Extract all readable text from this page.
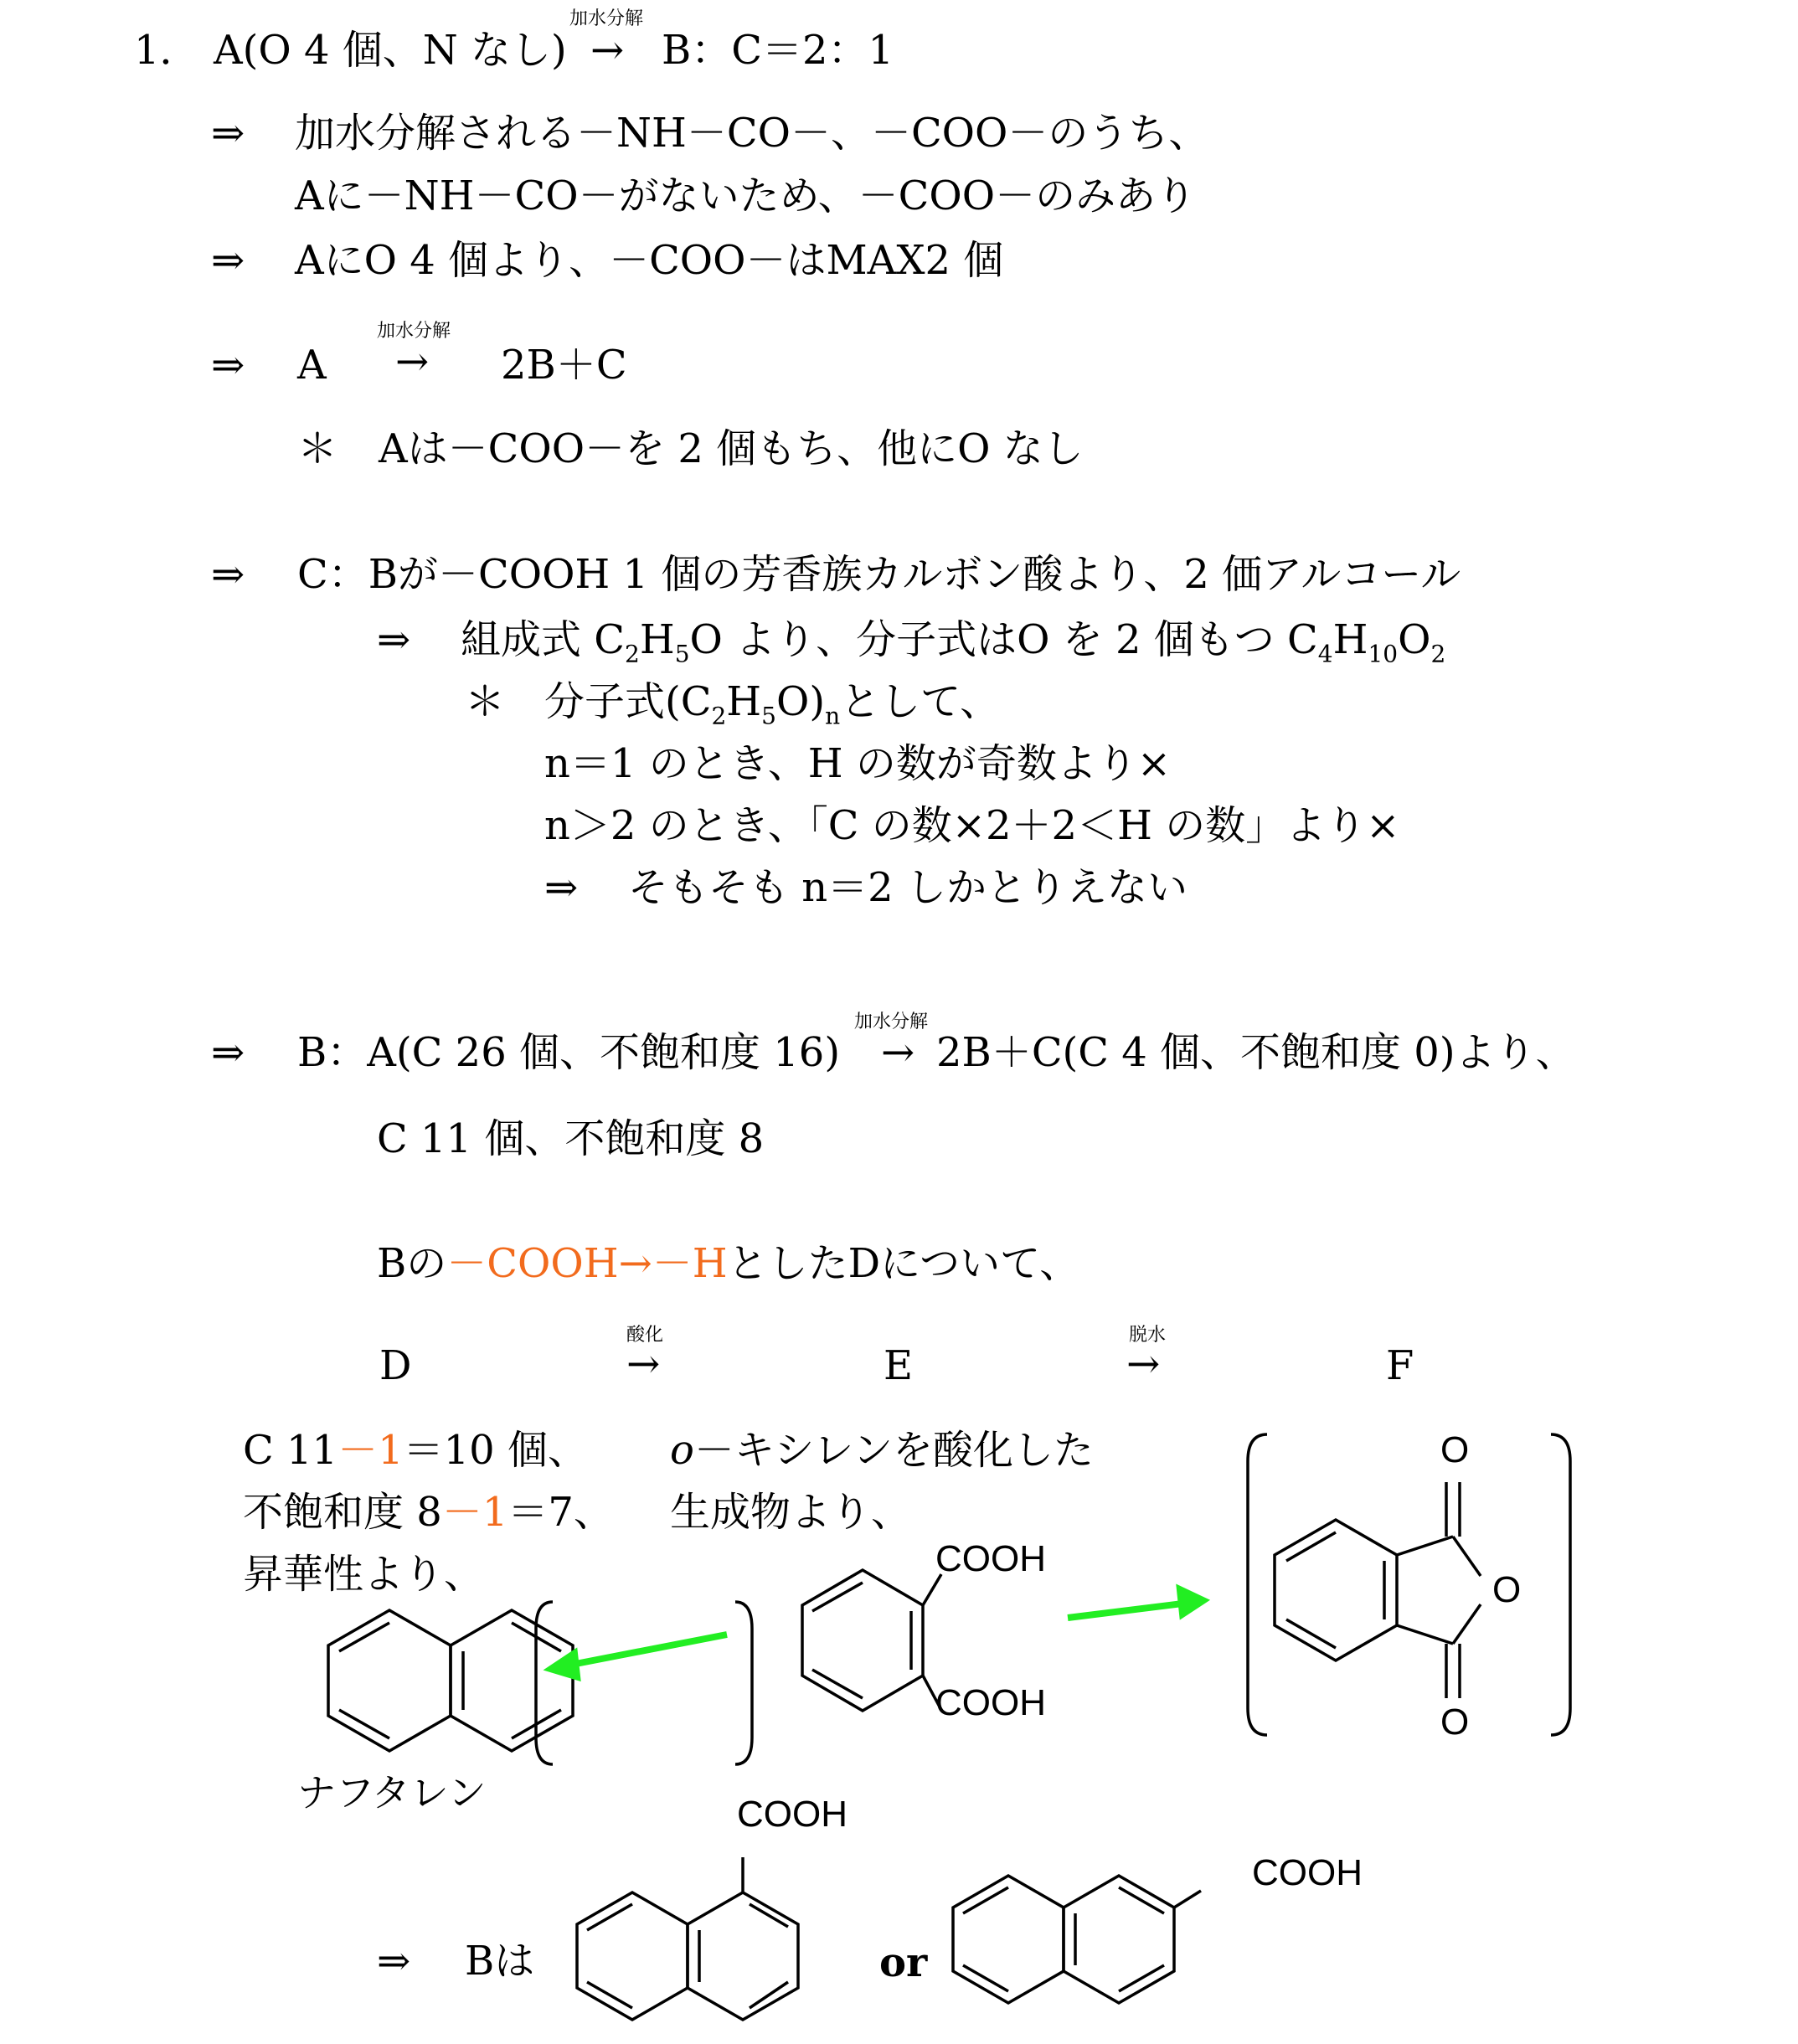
1． A(O 4 個、N なし)
加水分解
→ B：C＝2：1
⇒ 加水分解される－NH－CO－、－COO－のうち、
Aに－NH－CO－がないため、－COO－のみあり
⇒ AにO 4 個より、－COO－はMAX2 個
⇒ A
加水分解
→ 2B＋C
＊ Aは－COO－を 2 個もち、他にO なし
⇒ C：Bが－COOH 1 個の芳香族カルボン酸より、2 価アルコール
⇒ 組成式 $C_2H_5O$ より、分子式はO を 2 個もつ $C_4H_{10}O_2$
＊ 分子式$(C_2H_5O)_n$として、
n＝1 のとき、H の数が奇数より×
n＞2 のとき、「C の数×2＋2＜H の数」より×
⇒ そもそも n＝2 しかとりえない
⇒ B：A(C 26 個、不飽和度 16)
加水分解
→ 2B＋C(C 4 個、不飽和度 0)より、
C 11 個、不飽和度 8
Bの－COOH→－HとしたDについて、
D
酸化
→	E
脱水
→	F
C 11－1＝10 個、
不飽和度 8－1＝7、
昇華性より、
o－キシレンを酸化した
生成物より、
ナフタレン
COOH
COOH
O
O
O
⇒ Bは
COOH
or
COOH
